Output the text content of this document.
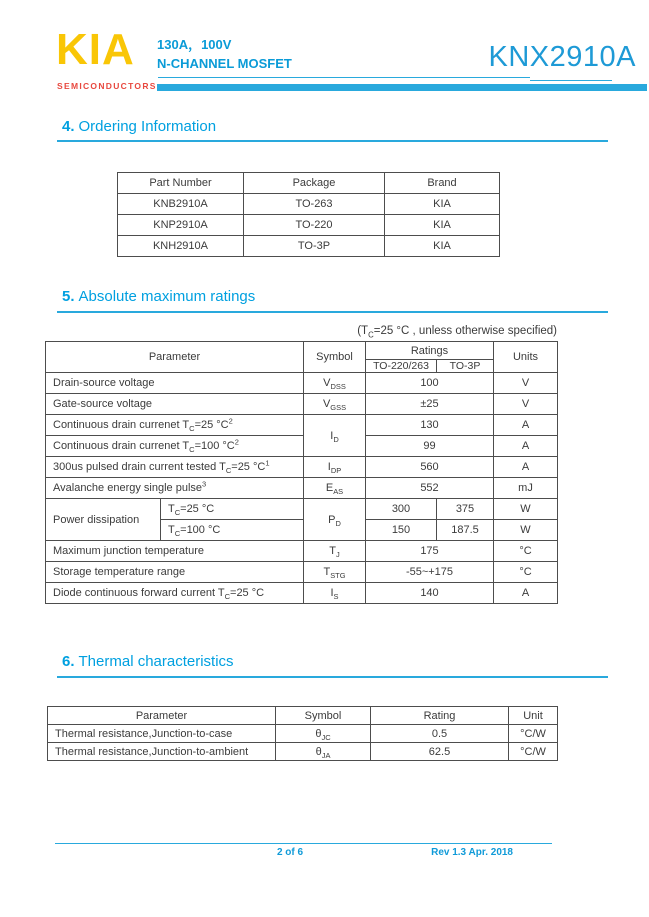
KIA
SEMICONDUCTORS
130A，100V
N-CHANNEL MOSFET	KNX2910A
4. Ordering Information
Part Number	Package	Brand
KNB2910A	TO-263	KIA
KNP2910A	TO-220	KIA
KNH2910A	TO-3P	KIA
5. Absolute maximum ratings
($T_C=25$ °C , unless otherwise specified)
Parameter		Symbol	Ratings		Units
			TO-220/263	TO-3P	
Drain-source voltage		$V_{DSS}$	100		V
Gate-source voltage		$V_{GSS}$	±25		V
Continuous drain currenet $T_C=25$ $^\circ C^2$		$I_D$	130		A
Continuous drain currenet $T_C=100$ $^\circ C^2$			99		A
300us pulsed drain current tested $T_C=25$ $^\circ C^1$		$I_{DP}$	560		A
Avalanche energy single pulse$^3$		$E_{AS}$	552		mJ
Power dissipation	$T_C=25$ °C	$P_D$	300	375	W
	$T_C=100$ °C		150	187.5	W
Maximum junction temperature		$T_J$	175		°C
Storage temperature range		$T_{STG}$	-55~+175		°C
Diode continuous forward current $T_C=25$ °C		$I_S$	140		A
6. Thermal characteristics
Parameter	Symbol	Rating	Unit
Thermal resistance,Junction-to-case	$\theta_{JC}$	0.5	°C/W
Thermal resistance,Junction-to-ambient	$\theta_{JA}$	62.5	°C/W
2 of 6	Rev 1.3 Apr. 2018
